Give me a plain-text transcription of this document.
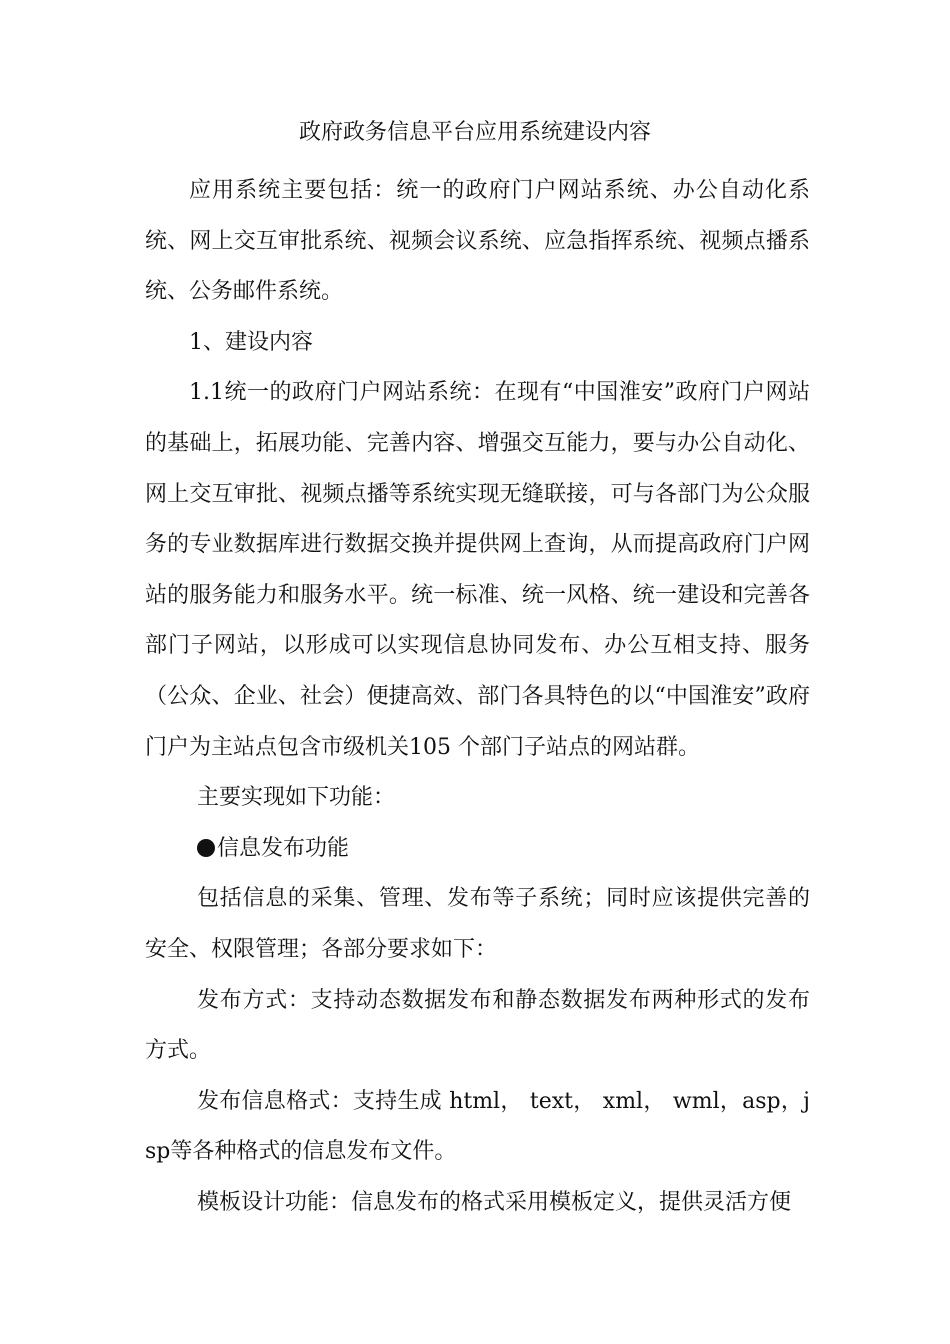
政府政务信息平台应用系统建设内容

应用系统主要包括：统一的政府门户网站系统、办公自动化系统、网上交互审批系统、视频会议系统、应急指挥系统、视频点播系统、公务邮件系统。

1、建设内容

1.1统一的政府门户网站系统：在现有“中国淮安”政府门户网站的基础上，拓展功能、完善内容、增强交互能力，要与办公自动化、网上交互审批、视频点播等系统实现无缝联接，可与各部门为公众服务的专业数据库进行数据交换并提供网上查询，从而提高政府门户网站的服务能力和服务水平。统一标准、统一风格、统一建设和完善各部门子网站，以形成可以实现信息协同发布、办公互相支持、服务（公众、企业、社会）便捷高效、部门各具特色的以“中国淮安”政府门户为主站点包含市级机关105 个部门子站点的网站群。

主要实现如下功能：

信息发布功能

包括信息的采集、管理、发布等子系统；同时应该提供完善的安全、权限管理；各部分要求如下：

发布方式：支持动态数据发布和静态数据发布两种形式的发布方式。

发布信息格式：支持生成 html， text， xml， wml，asp，jsp等各种格式的信息发布文件。

模板设计功能：信息发布的格式采用模板定义，提供灵活方便
